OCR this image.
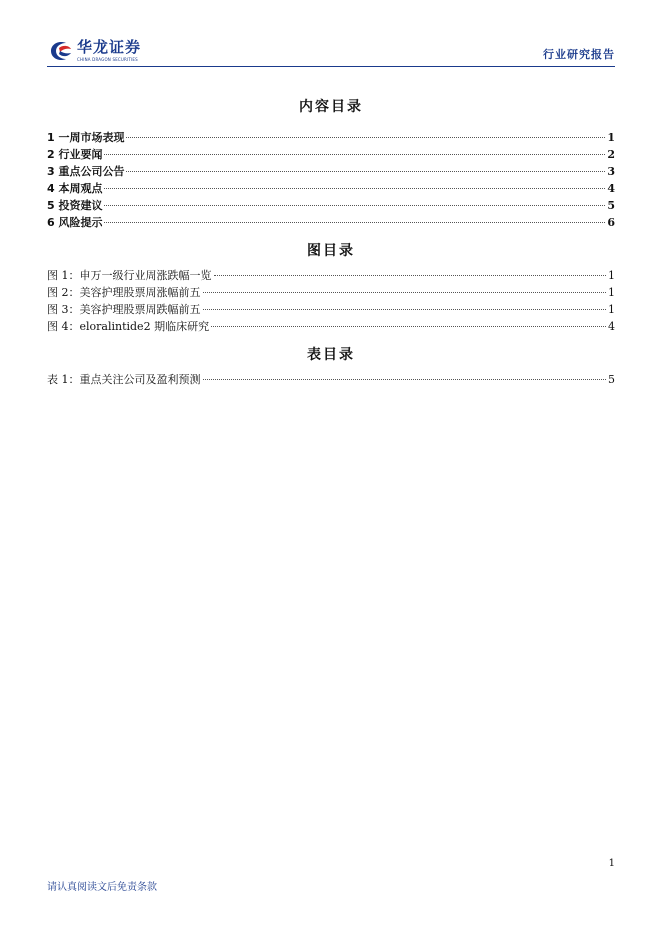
华龙证券
CHINA DRAGON SECURITIES	行业研究报告
内容目录
1 一周市场表现	1
2 行业要闻	2
3 重点公司公告	3
4 本周观点	4
5 投资建议	5
6 风险提示	6
图目录
图 1：申万一级行业周涨跌幅一览	1
图 2：美容护理股票周涨幅前五	1
图 3：美容护理股票周跌幅前五	1
图 4：eloralintide2 期临床研究	4
表目录
表 1：重点关注公司及盈利预测	5
1
请认真阅读文后免责条款
